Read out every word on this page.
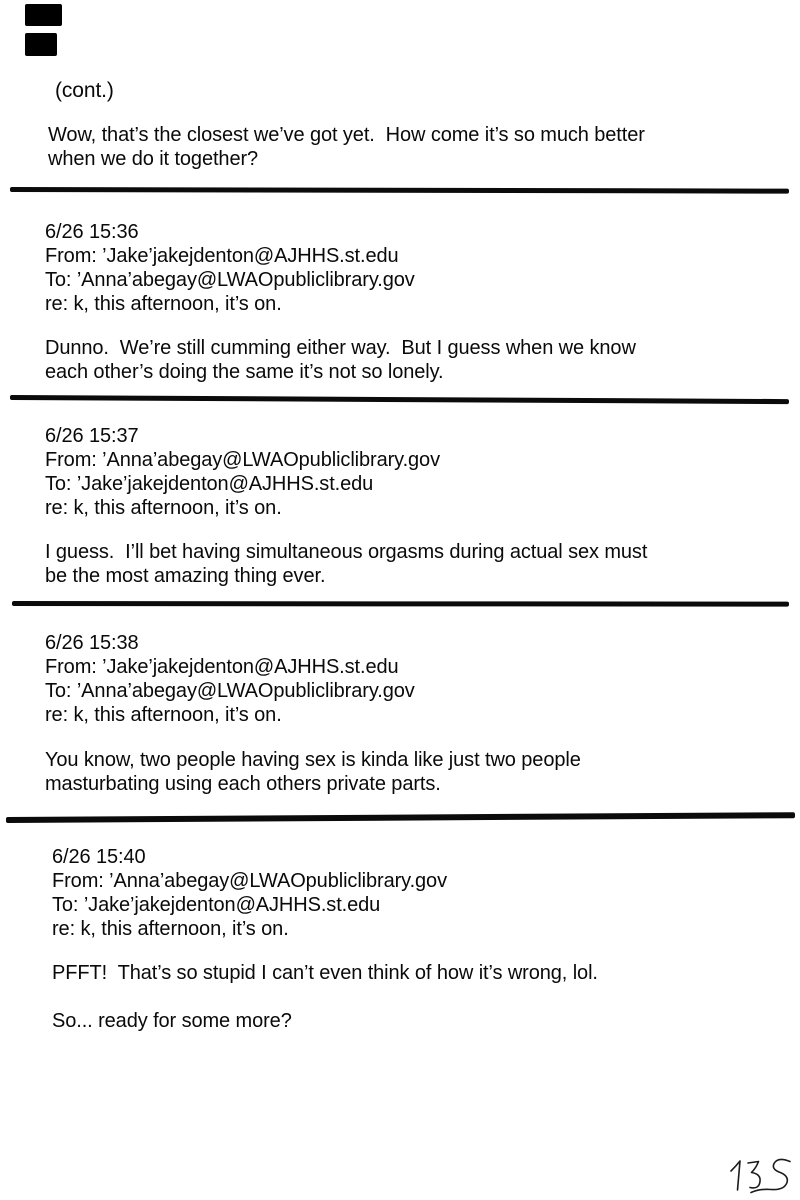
(cont.)
Wow, that’s the closest we’ve got yet.  How come it’s so much better
when we do it together?
6/26 15:36
From: ’Jake’jakejdenton@AJHHS.st.edu
To: ’Anna’abegay@LWAOpubliclibrary.gov
re: k, this afternoon, it’s on.
Dunno.  We’re still cumming either way.  But I guess when we know
each other’s doing the same it’s not so lonely.
6/26 15:37
From: ’Anna’abegay@LWAOpubliclibrary.gov
To: ’Jake’jakejdenton@AJHHS.st.edu
re: k, this afternoon, it’s on.
I guess.  I’ll bet having simultaneous orgasms during actual sex must
be the most amazing thing ever.
6/26 15:38
From: ’Jake’jakejdenton@AJHHS.st.edu
To: ’Anna’abegay@LWAOpubliclibrary.gov
re: k, this afternoon, it’s on.
You know, two people having sex is kinda like just two people
masturbating using each others private parts.
6/26 15:40
From: ’Anna’abegay@LWAOpubliclibrary.gov
To: ’Jake’jakejdenton@AJHHS.st.edu
re: k, this afternoon, it’s on.
PFFT!  That’s so stupid I can’t even think of how it’s wrong, lol.
So... ready for some more?
